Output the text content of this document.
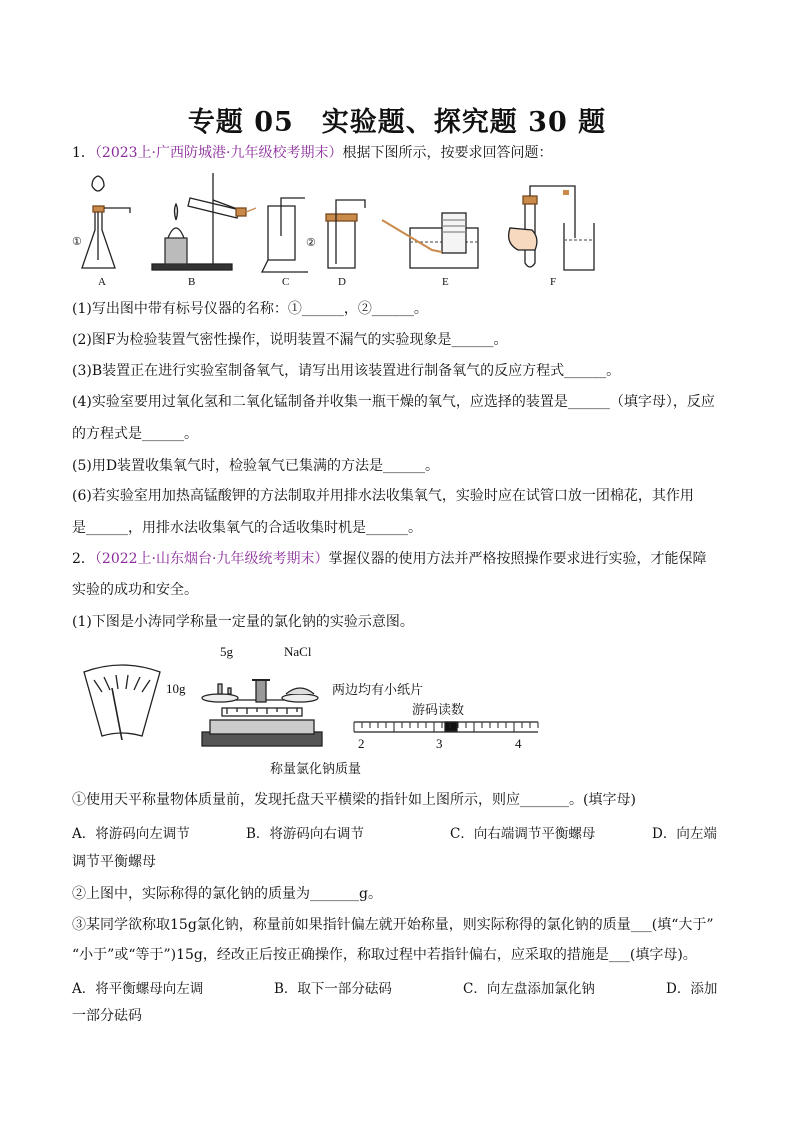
专题 05　实验题、探究题 30 题
1．（2023上·广西防城港·九年级校考期末）根据下图所示，按要求回答问题：
①	②
A	B	C	D	E	F
(1)写出图中带有标号仪器的名称：①______，②______。
(2)图F为检验装置气密性操作，说明装置不漏气的实验现象是______。
(3)B装置正在进行实验室制备氧气，请写出用该装置进行制备氧气的反应方程式______。
(4)实验室要用过氧化氢和二氧化锰制备并收集一瓶干燥的氧气，应选择的装置是______（填字母），反应
的方程式是______。
(5)用D装置收集氧气时，检验氧气已集满的方法是______。
(6)若实验室用加热高锰酸钾的方法制取并用排水法收集氧气，实验时应在试管口放一团棉花，其作用
是______，用排水法收集氧气的合适收集时机是______。
2．（2022上·山东烟台·九年级统考期末）掌握仪器的使用方法并严格按照操作要求进行实验，才能保障
实验的成功和安全。
(1)下图是小涛同学称量一定量的氯化钠的实验示意图。
5g
10g
NaCl
2	3	4
两边均有小纸片
游码读数
称量氯化钠质量
①使用天平称量物体质量前，发现托盘天平横梁的指针如上图所示，则应_______。(填字母)
A．将游码向左调节	B．将游码向右调节	C．向右端调节平衡螺母	D．向左端
调节平衡螺母
②上图中，实际称得的氯化钠的质量为_______g。
③某同学欲称取15g氯化钠，称量前如果指针偏左就开始称量，则实际称得的氯化钠的质量___(填“大于”
“小于”或“等于”)15g，经改正后按正确操作，称取过程中若指针偏右，应采取的措施是___(填字母)。
A．将平衡螺母向左调	B．取下一部分砝码	C．向左盘添加氯化钠	D．添加
一部分砝码
